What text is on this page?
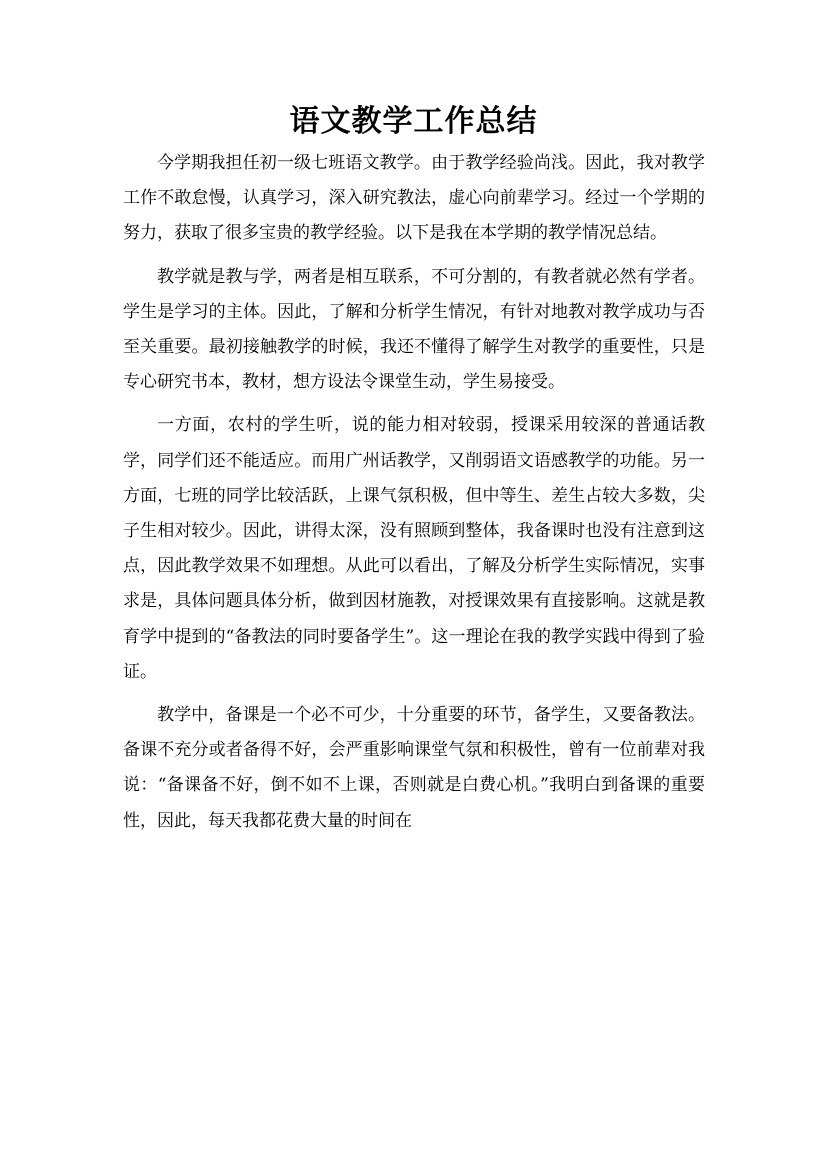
语文教学工作总结

今学期我担任初一级七班语文教学。由于教学经验尚浅。因此，我对教学工作不敢怠慢，认真学习，深入研究教法，虚心向前辈学习。经过一个学期的努力，获取了很多宝贵的教学经验。以下是我在本学期的教学情况总结。

教学就是教与学，两者是相互联系，不可分割的，有教者就必然有学者。学生是学习的主体。因此，了解和分析学生情况，有针对地教对教学成功与否至关重要。最初接触教学的时候，我还不懂得了解学生对教学的重要性，只是专心研究书本，教材，想方设法令课堂生动，学生易接受。

一方面，农村的学生听，说的能力相对较弱，授课采用较深的普通话教学，同学们还不能适应。而用广州话教学，又削弱语文语感教学的功能。另一方面，七班的同学比较活跃，上课气氛积极，但中等生、差生占较大多数，尖子生相对较少。因此，讲得太深，没有照顾到整体，我备课时也没有注意到这点，因此教学效果不如理想。从此可以看出，了解及分析学生实际情况，实事求是，具体问题具体分析，做到因材施教，对授课效果有直接影响。这就是教育学中提到的“备教法的同时要备学生”。这一理论在我的教学实践中得到了验证。

教学中，备课是一个必不可少，十分重要的环节，备学生，又要备教法。备课不充分或者备得不好，会严重影响课堂气氛和积极性，曾有一位前辈对我说：“备课备不好，倒不如不上课，否则就是白费心机。”我明白到备课的重要性，因此，每天我都花费大量的时间在
